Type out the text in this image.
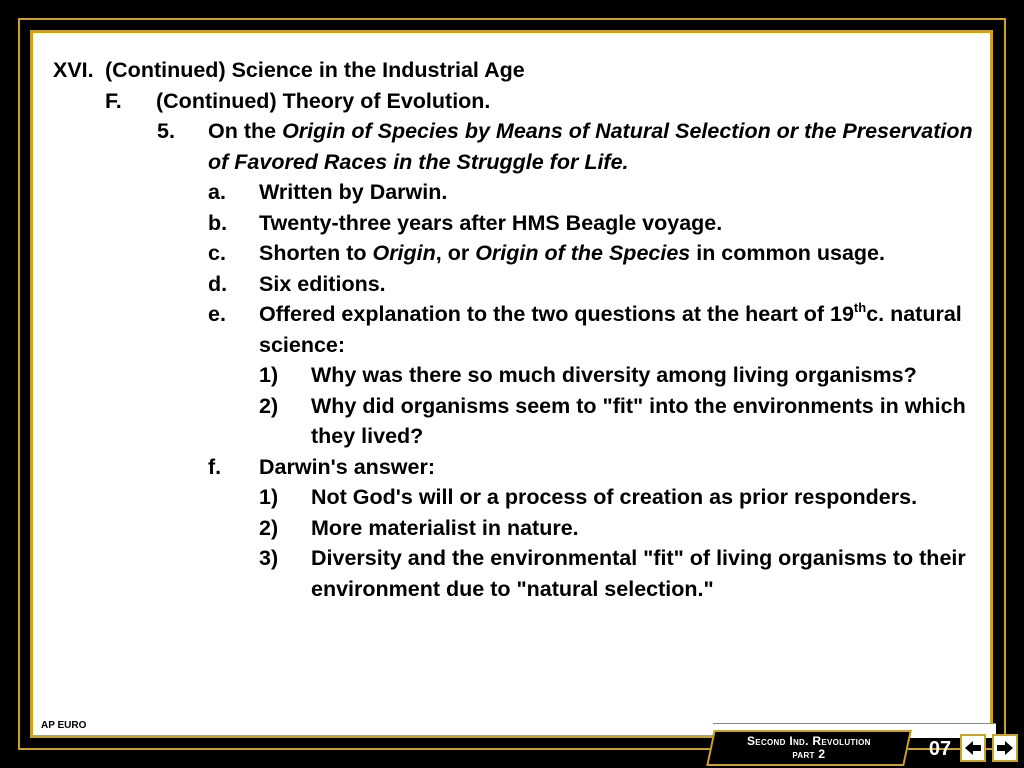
XVI. (Continued) Science in the Industrial Age
F. (Continued) Theory of Evolution.
5. On the Origin of Species by Means of Natural Selection or the Preservation of Favored Races in the Struggle for Life.
a. Written by Darwin.
b. Twenty-three years after HMS Beagle voyage.
c. Shorten to Origin, or Origin of the Species in common usage.
d. Six editions.
e. Offered explanation to the two questions at the heart of 19thc. natural science:
1) Why was there so much diversity among living organisms?
2) Why did organisms seem to "fit" into the environments in which they lived?
f. Darwin's answer:
1) Not God's will or a process of creation as prior responders.
2) More materialist in nature.
3) Diversity and the environmental "fit" of living organisms to their environment due to "natural selection."
AP EURO
Second Ind. Revolution
part 2	07
